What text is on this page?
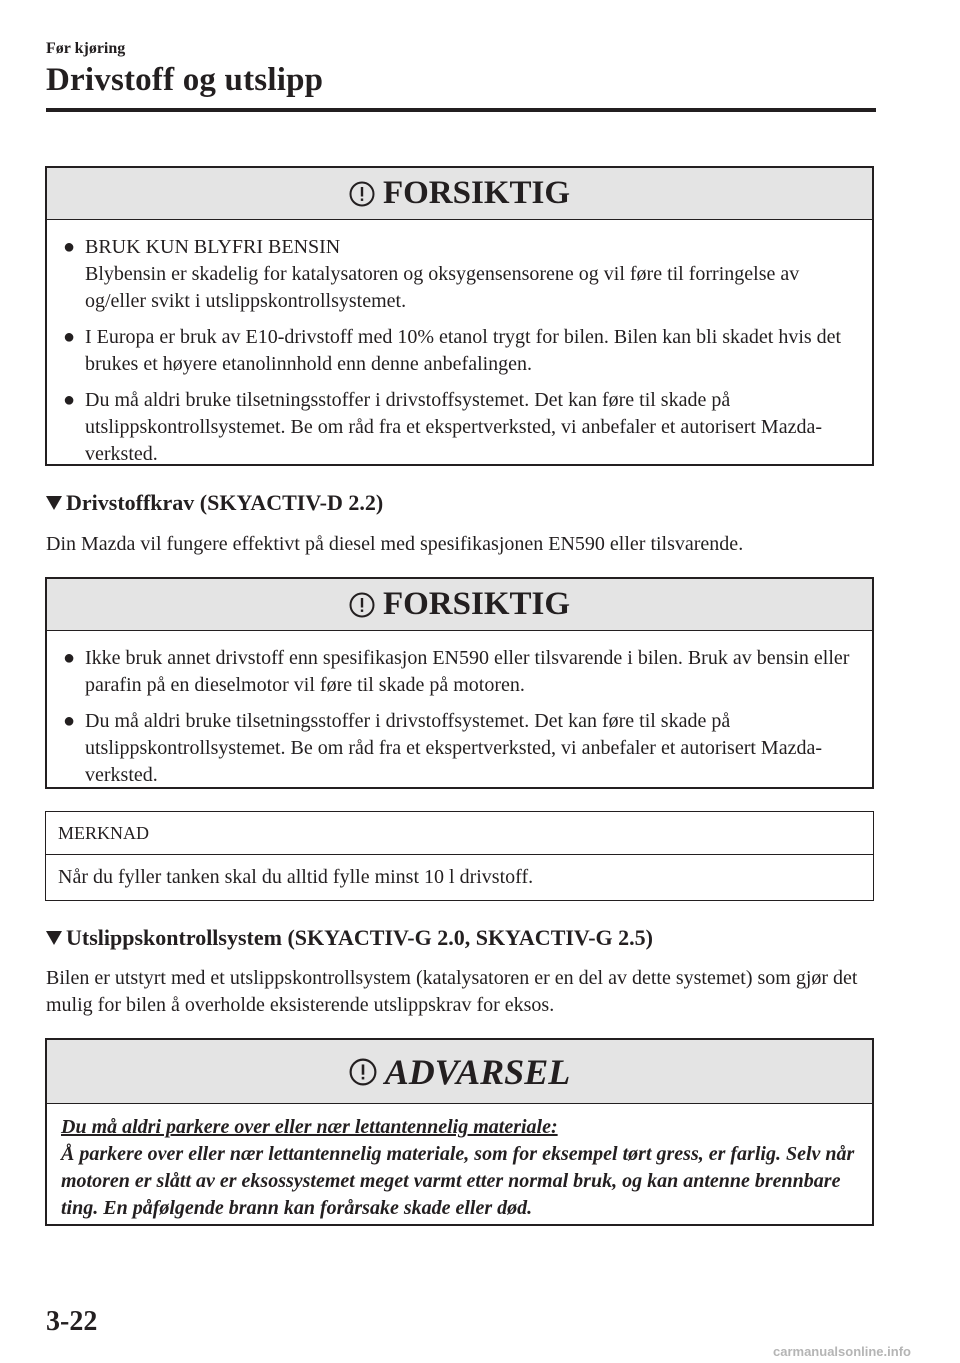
Før kjøring
Drivstoff og utslipp
FORSIKTIG
● BRUK KUN BLYFRI BENSIN
Blybensin er skadelig for katalysatoren og oksygensensorene og vil føre til forringelse av og/eller svikt i utslippskontrollsystemet.
● I Europa er bruk av E10-drivstoff med 10% etanol trygt for bilen. Bilen kan bli skadet hvis det brukes et høyere etanolinnhold enn denne anbefalingen.
● Du må aldri bruke tilsetningsstoffer i drivstoffsystemet. Det kan føre til skade på utslippskontrollsystemet. Be om råd fra et ekspertverksted, vi anbefaler et autorisert Mazda-verksted.
Drivstoffkrav (SKYACTIV-D 2.2)
Din Mazda vil fungere effektivt på diesel med spesifikasjonen EN590 eller tilsvarende.
FORSIKTIG
● Ikke bruk annet drivstoff enn spesifikasjon EN590 eller tilsvarende i bilen. Bruk av bensin eller parafin på en dieselmotor vil føre til skade på motoren.
● Du må aldri bruke tilsetningsstoffer i drivstoffsystemet. Det kan føre til skade på utslippskontrollsystemet. Be om råd fra et ekspertverksted, vi anbefaler et autorisert Mazda-verksted.
MERKNAD
Når du fyller tanken skal du alltid fylle minst 10 l drivstoff.
Utslippskontrollsystem (SKYACTIV-G 2.0, SKYACTIV-G 2.5)
Bilen er utstyrt med et utslippskontrollsystem (katalysatoren er en del av dette systemet) som gjør det mulig for bilen å overholde eksisterende utslippskrav for eksos.
ADVARSEL
Du må aldri parkere over eller nær lettantennelig materiale:
Å parkere over eller nær lettantennelig materiale, som for eksempel tørt gress, er farlig. Selv når motoren er slått av er eksossystemet meget varmt etter normal bruk, og kan antenne brennbare ting. En påfølgende brann kan forårsake skade eller død.
3-22
carmanualsonline.info
